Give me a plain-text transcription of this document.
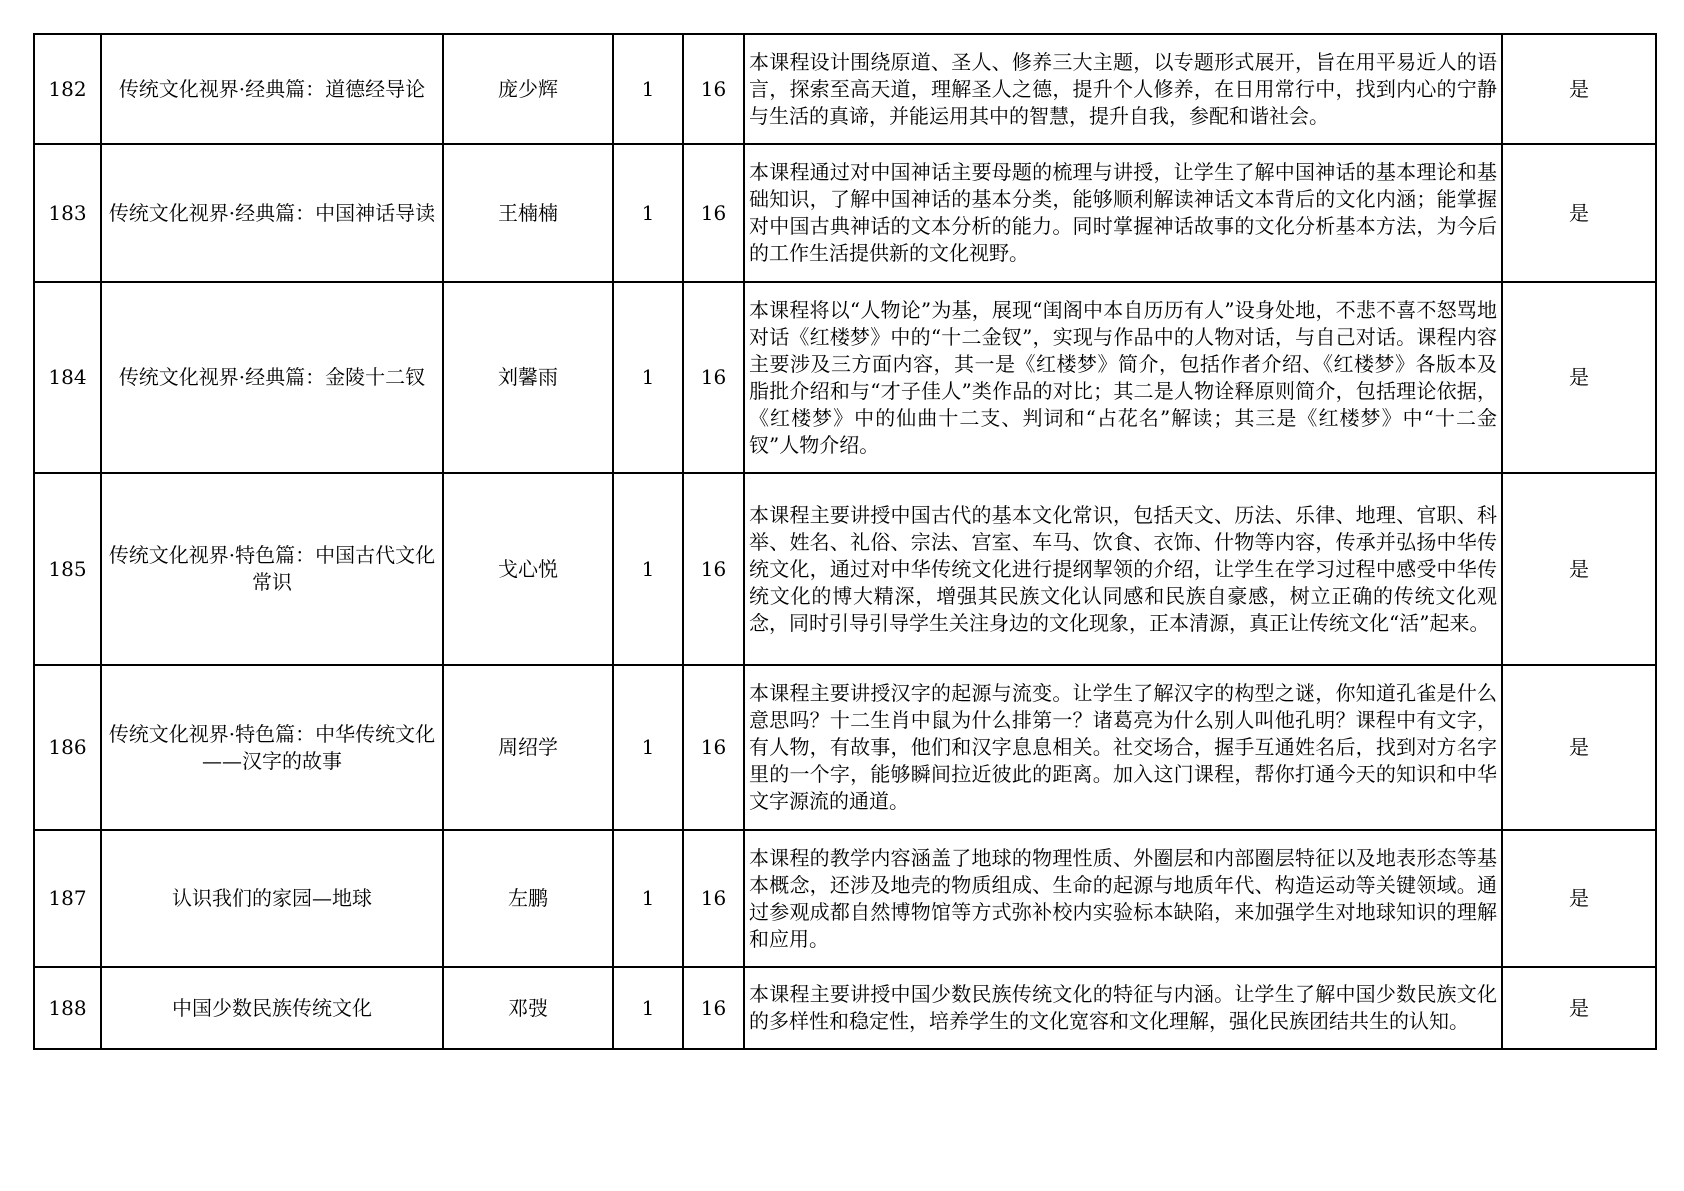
182	传统文化视界·经典篇：道德经导论	庞少辉	1	16	本课程设计围绕原道、圣人、修养三大主题，以专题形式展开，旨在用平易近人的语言，探索至高天道，理解圣人之德，提升个人修养，在日用常行中，找到内心的宁静与生活的真谛，并能运用其中的智慧，提升自我，参配和谐社会。	是
183	传统文化视界·经典篇：中国神话导读	王楠楠	1	16	本课程通过对中国神话主要母题的梳理与讲授，让学生了解中国神话的基本理论和基础知识，了解中国神话的基本分类，能够顺利解读神话文本背后的文化内涵；能掌握对中国古典神话的文本分析的能力。同时掌握神话故事的文化分析基本方法，为今后的工作生活提供新的文化视野。	是
184	传统文化视界·经典篇：金陵十二钗	刘馨雨	1	16	本课程将以“人物论”为基，展现“闺阁中本自历历有人”设身处地，不悲不喜不怒骂地对话《红楼梦》中的“十二金钗”，实现与作品中的人物对话，与自己对话。课程内容主要涉及三方面内容，其一是《红楼梦》简介，包括作者介绍、《红楼梦》各版本及脂批介绍和与“才子佳人”类作品的对比；其二是人物诠释原则简介，包括理论依据，《红楼梦》中的仙曲十二支、判词和“占花名”解读；其三是《红楼梦》中“十二金钗”人物介绍。	是
185	传统文化视界·特色篇：中国古代文化常识	戈心悦	1	16	本课程主要讲授中国古代的基本文化常识，包括天文、历法、乐律、地理、官职、科举、姓名、礼俗、宗法、宫室、车马、饮食、衣饰、什物等内容，传承并弘扬中华传统文化，通过对中华传统文化进行提纲挈领的介绍，让学生在学习过程中感受中华传统文化的博大精深，增强其民族文化认同感和民族自豪感，树立正确的传统文化观念，同时引导引导学生关注身边的文化现象，正本清源，真正让传统文化“活”起来。	是
186	传统文化视界·特色篇：中华传统文化——汉字的故事	周绍学	1	16	本课程主要讲授汉字的起源与流变。让学生了解汉字的构型之谜，你知道孔雀是什么意思吗？十二生肖中鼠为什么排第一？诸葛亮为什么别人叫他孔明？课程中有文字，有人物，有故事，他们和汉字息息相关。社交场合，握手互通姓名后，找到对方名字里的一个字，能够瞬间拉近彼此的距离。加入这门课程，帮你打通今天的知识和中华文字源流的通道。	是
187	认识我们的家园—地球	左鹏	1	16	本课程的教学内容涵盖了地球的物理性质、外圈层和内部圈层特征以及地表形态等基本概念，还涉及地壳的物质组成、生命的起源与地质年代、构造运动等关键领域。通过参观成都自然博物馆等方式弥补校内实验标本缺陷，来加强学生对地球知识的理解和应用。	是
188	中国少数民族传统文化	邓弢	1	16	本课程主要讲授中国少数民族传统文化的特征与内涵。让学生了解中国少数民族文化的多样性和稳定性，培养学生的文化宽容和文化理解，强化民族团结共生的认知。	是
